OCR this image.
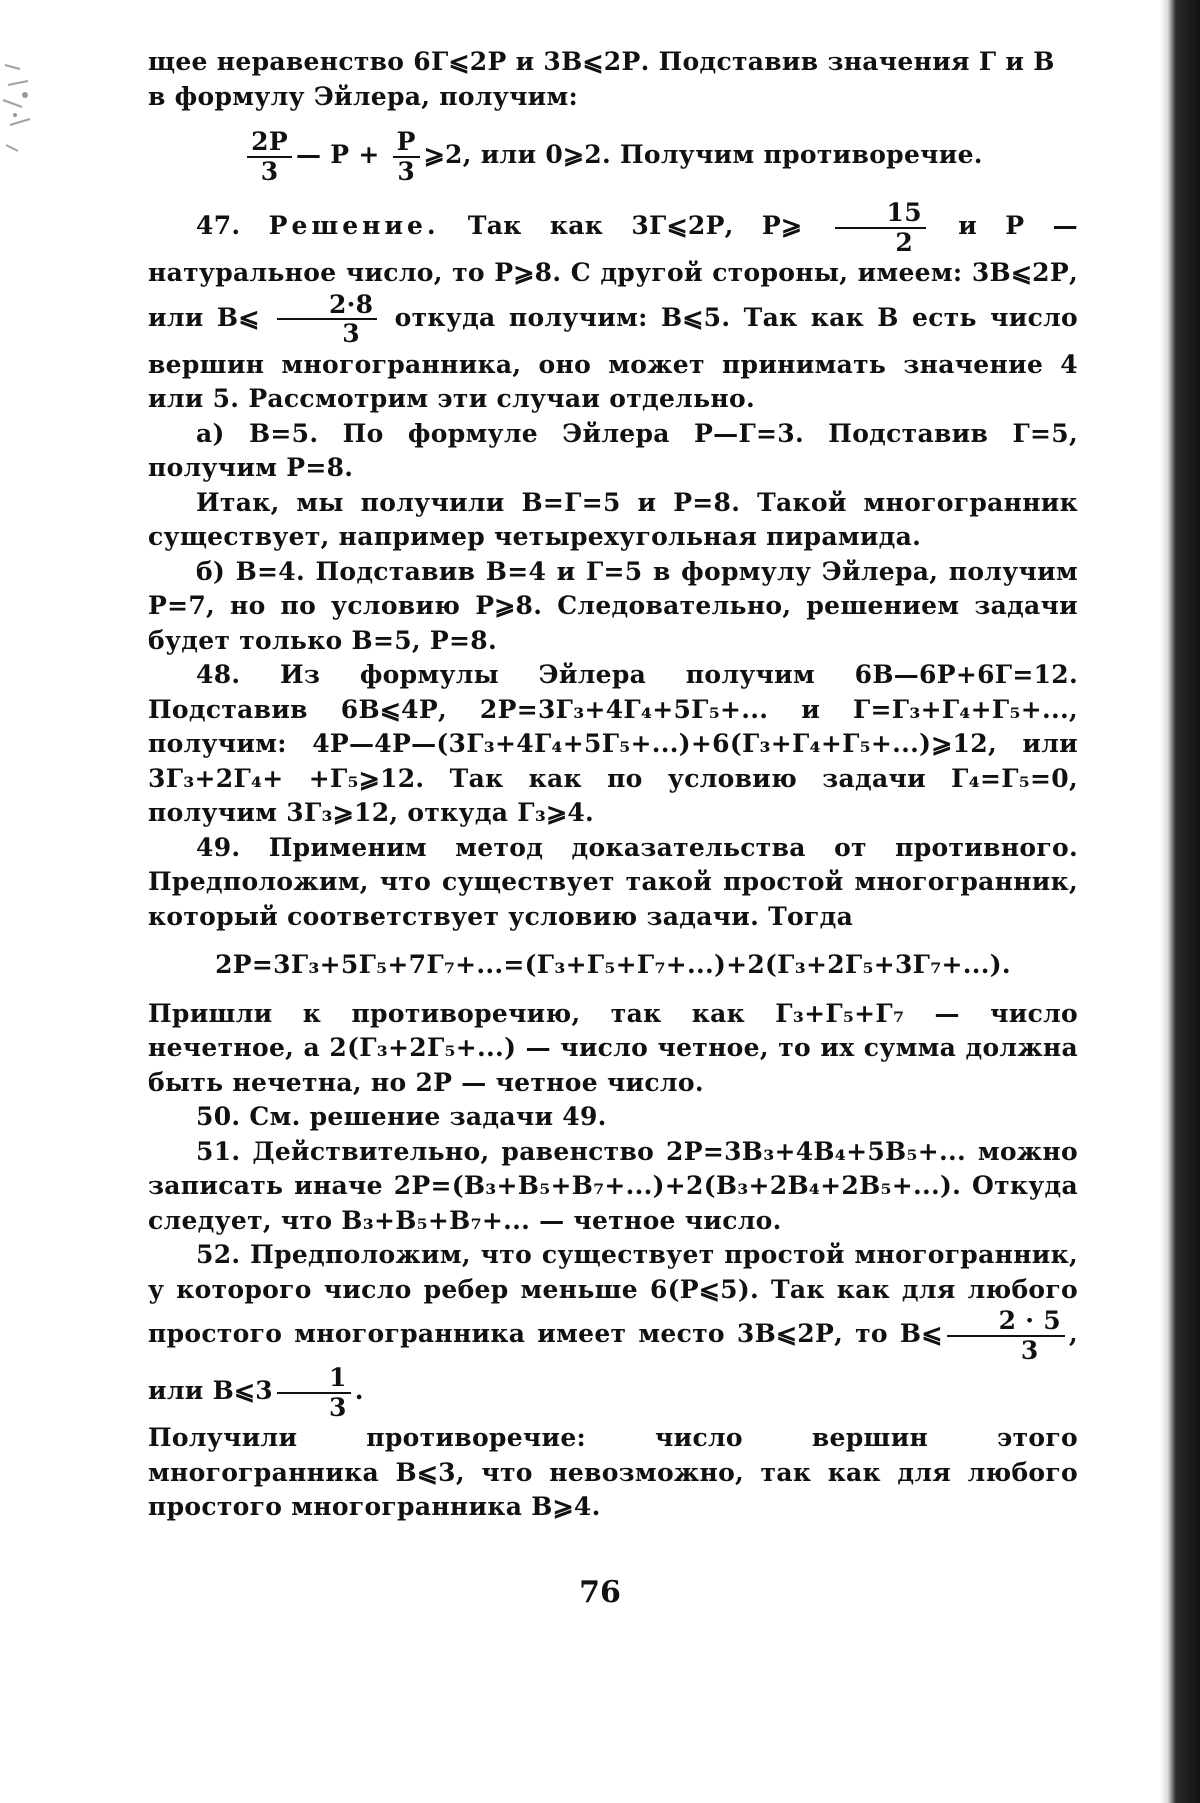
щее неравенство 6Г⩽2Р и 3В⩽2Р. Подставив значения Г и В

в формулу Эйлера, получим:

$\frac{2Р}{3}$ — $Р + \frac{Р}{3}$ ⩾2, или 0⩾2. Получим противоречие.

47. Решение. Так как 3Г⩽2Р, Р⩾ $\frac{15}{2}$ и Р — натуральное число, то Р⩾8. С другой стороны, имеем: 3В⩽2Р, или В⩽ $\frac{2\cdot 8}{3}$ откуда получим: В⩽5. Так как В есть число вершин многогранника, оно может принимать значение 4 или 5. Рассмотрим эти случаи отдельно.

а) В=5. По формуле Эйлера Р—Г=3. Подставив Г=5, получим Р=8.

Итак, мы получили В=Г=5 и Р=8. Такой многогранник существует, например четырехугольная пирамида.

б) В=4. Подставив В=4 и Г=5 в формулу Эйлера, получим Р=7, но по условию Р⩾8. Следовательно, решением задачи будет только В=5, Р=8.

48. Из формулы Эйлера получим 6В—6Р+6Г=12. Подставив 6В⩽4Р, 2Р=3Г₃+4Г₄+5Г₅+... и Г=Г₃+Г₄+Г₅+..., получим: 4Р—4Р—(3Г₃+4Г₄+5Г₅+...)+6(Г₃+Г₄+Г₅+...)⩾12, или 3Г₃+2Г₄+ +Г₅⩾12. Так как по условию задачи Г₄=Г₅=0, получим 3Г₃⩾12, откуда Г₃⩾4.

49. Применим метод доказательства от противного. Предположим, что существует такой простой многогранник, который соответствует условию задачи. Тогда

2Р=3Г₃+5Г₅+7Г₇+...=(Г₃+Г₅+Г₇+...)+2(Г₃+2Г₅+3Г₇+...).

Пришли к противоречию, так как Г₃+Г₅+Г₇ — число нечетное, а 2(Г₃+2Г₅+...) — число четное, то их сумма должна быть нечетна, но 2Р — четное число.

50. См. решение задачи 49.

51. Действительно, равенство 2Р=3В₃+4В₄+5В₅+... можно записать иначе 2Р=(В₃+В₅+В₇+...)+2(В₃+2В₄+2В₅+...). Откуда следует, что В₃+В₅+В₇+... — четное число.

52. Предположим, что существует простой многогранник, у которого число ребер меньше 6(Р⩽5). Так как для любого простого многогранника имеет место 3В⩽2Р, то В⩽ $\frac{2 \cdot 5}{3}$ , или В⩽3 $\frac{1}{3}$ .

Получили противоречие: число вершин этого многогранника В⩽3, что невозможно, так как для любого простого многогранника В⩾4.

76
